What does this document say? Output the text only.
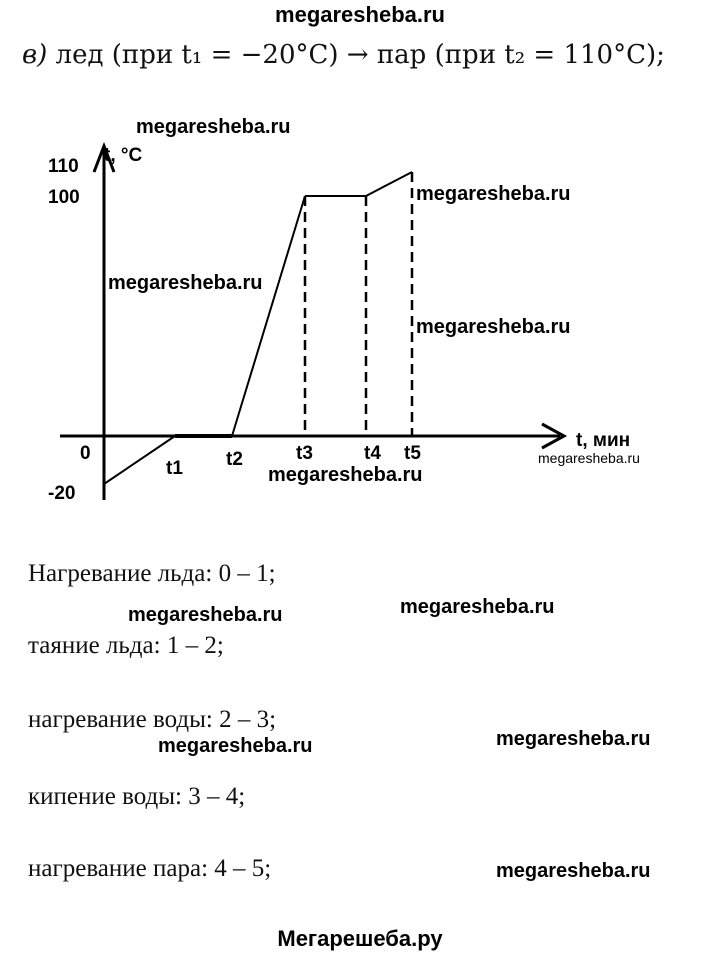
megaresheba.ru
в) лед (при t₁ = −20°C) → пар (при t₂ = 110°C);
0
t1 t2	t3	t4 t5
110
100
-20
t, °C
t, мин
megaresheba.ru
megaresheba.ru
megaresheba.ru
megaresheba.ru
megaresheba.ru
megaresheba.ru
Нагревание льда: 0 – 1;
megaresheba.ru	megaresheba.ru
таяние льда: 1 – 2;
нагревание воды: 2 – 3;
megaresheba.ru	megaresheba.ru
кипение воды: 3 – 4;
нагревание пара: 4 – 5;	megaresheba.ru
Мегарешеба.ру
